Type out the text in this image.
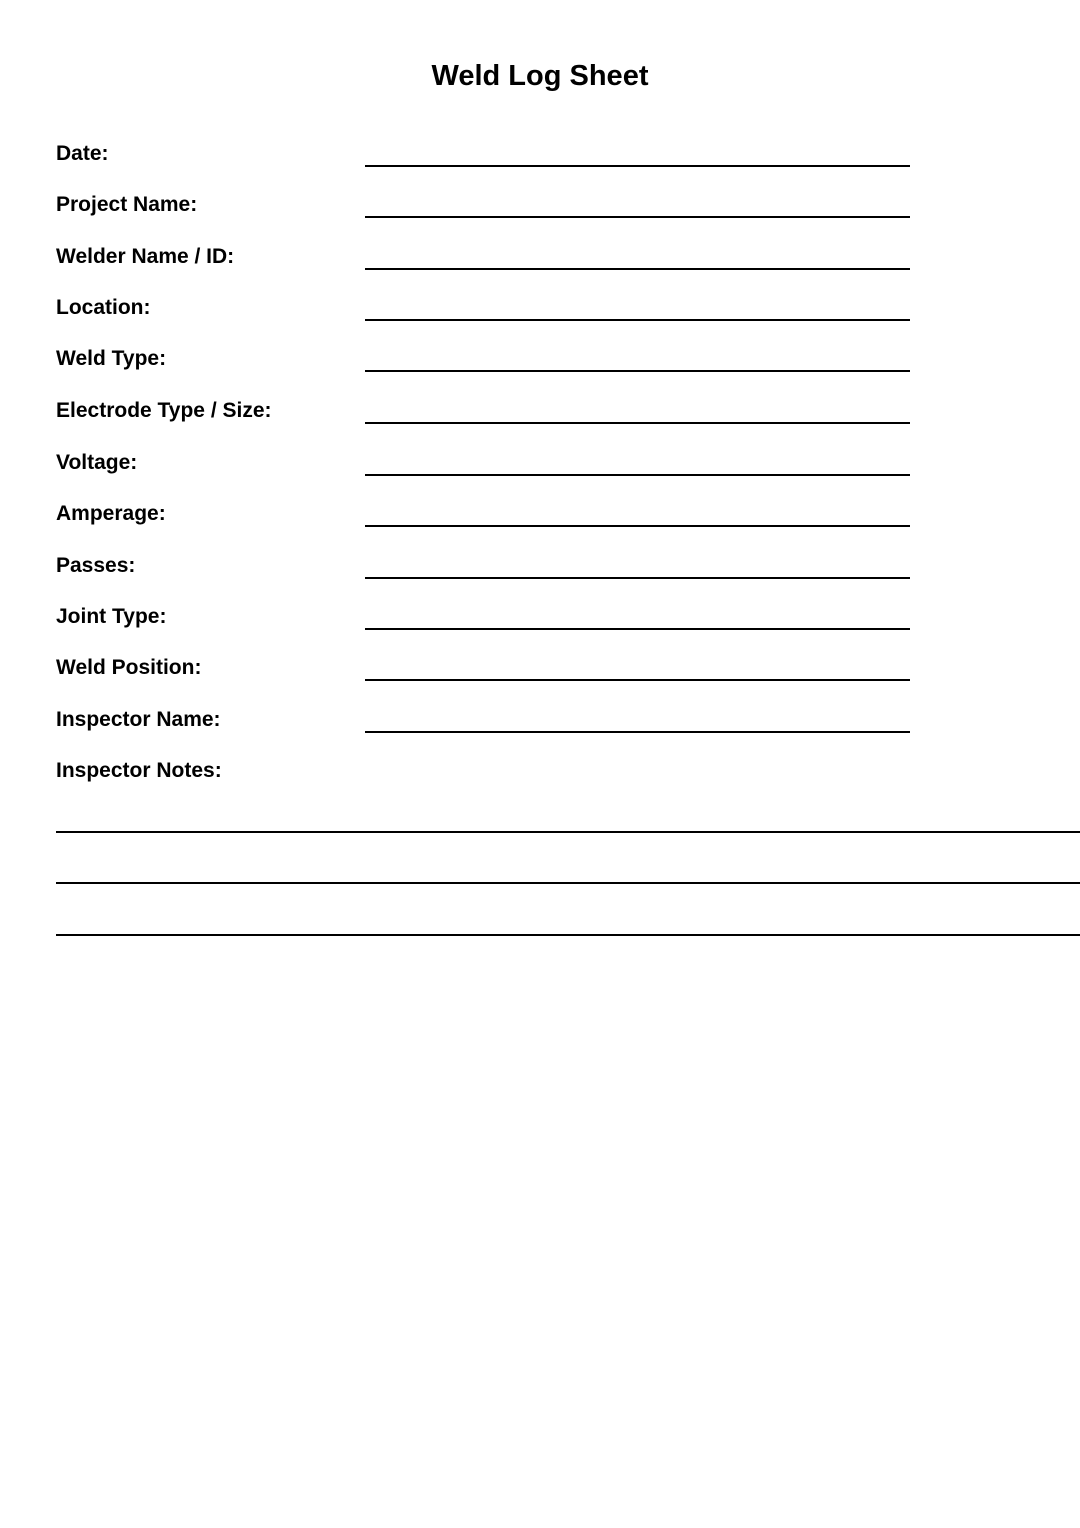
Weld Log Sheet
Date:
Project Name:
Welder Name / ID:
Location:
Weld Type:
Electrode Type / Size:
Voltage:
Amperage:
Passes:
Joint Type:
Weld Position:
Inspector Name:
Inspector Notes:
